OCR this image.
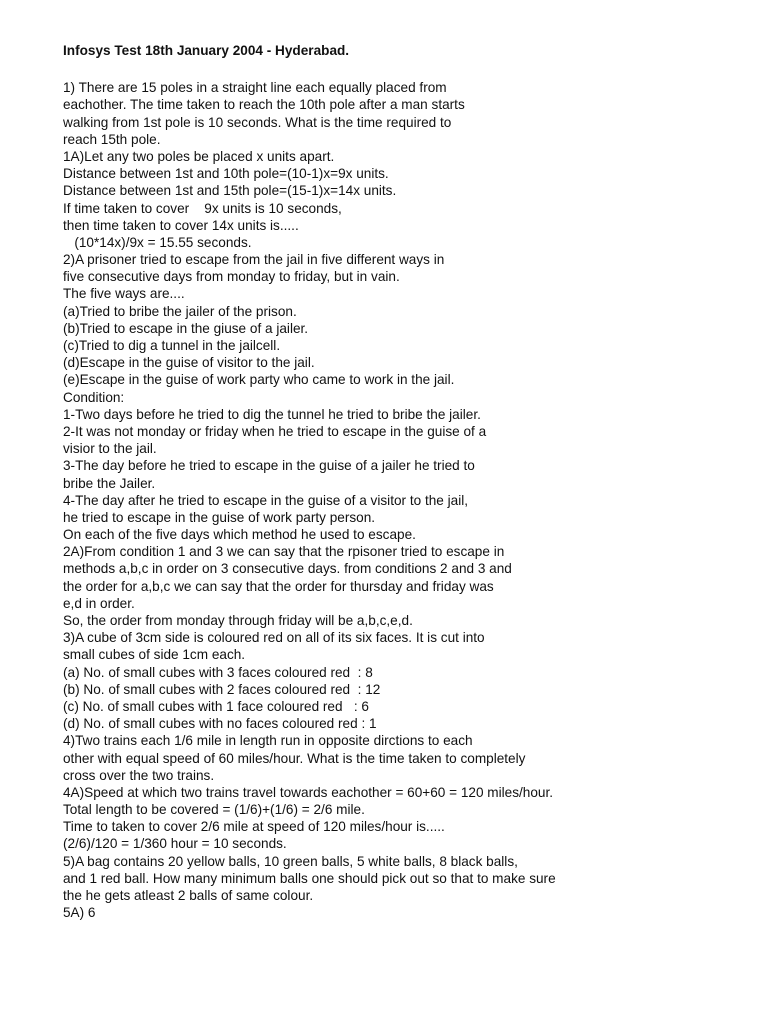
Infosys Test 18th January 2004 - Hyderabad.
1) There are 15 poles in a straight line each equally placed from
eachother. The time taken to reach the 10th pole after a man starts
walking from 1st pole is 10 seconds. What is the time required to
reach 15th pole.
1A)Let any two poles be placed x units apart.
Distance between 1st and 10th pole=(10-1)x=9x units.
Distance between 1st and 15th pole=(15-1)x=14x units.
If time taken to cover    9x units is 10 seconds,
then time taken to cover 14x units is.....
(10*14x)/9x = 15.55 seconds.
2)A prisoner tried to escape from the jail in five different ways in
five consecutive days from monday to friday, but in vain.
The five ways are....
(a)Tried to bribe the jailer of the prison.
(b)Tried to escape in the giuse of a jailer.
(c)Tried to dig a tunnel in the jailcell.
(d)Escape in the guise of visitor to the jail.
(e)Escape in the guise of work party who came to work in the jail.
Condition:
1-Two days before he tried to dig the tunnel he tried to bribe the jailer.
2-It was not monday or friday when he tried to escape in the guise of a
visior to the jail.
3-The day before he tried to escape in the guise of a jailer he tried to
bribe the Jailer.
4-The day after he tried to escape in the guise of a visitor to the jail,
he tried to escape in the guise of work party person.
On each of the five days which method he used to escape.
2A)From condition 1 and 3 we can say that the rpisoner tried to escape in
methods a,b,c in order on 3 consecutive days. from conditions 2 and 3 and
the order for a,b,c we can say that the order for thursday and friday was
e,d in order.
So, the order from monday through friday will be a,b,c,e,d.
3)A cube of 3cm side is coloured red on all of its six faces. It is cut into
small cubes of side 1cm each.
(a) No. of small cubes with 3 faces coloured red  : 8
(b) No. of small cubes with 2 faces coloured red  : 12
(c) No. of small cubes with 1 face coloured red   : 6
(d) No. of small cubes with no faces coloured red : 1
4)Two trains each 1/6 mile in length run in opposite dirctions to each
other with equal speed of 60 miles/hour. What is the time taken to completely
cross over the two trains.
4A)Speed at which two trains travel towards eachother = 60+60 = 120 miles/hour.
Total length to be covered = (1/6)+(1/6) = 2/6 mile.
Time to taken to cover 2/6 mile at speed of 120 miles/hour is.....
(2/6)/120 = 1/360 hour = 10 seconds.
5)A bag contains 20 yellow balls, 10 green balls, 5 white balls, 8 black balls,
and 1 red ball. How many minimum balls one should pick out so that to make sure
the he gets atleast 2 balls of same colour.
5A) 6
